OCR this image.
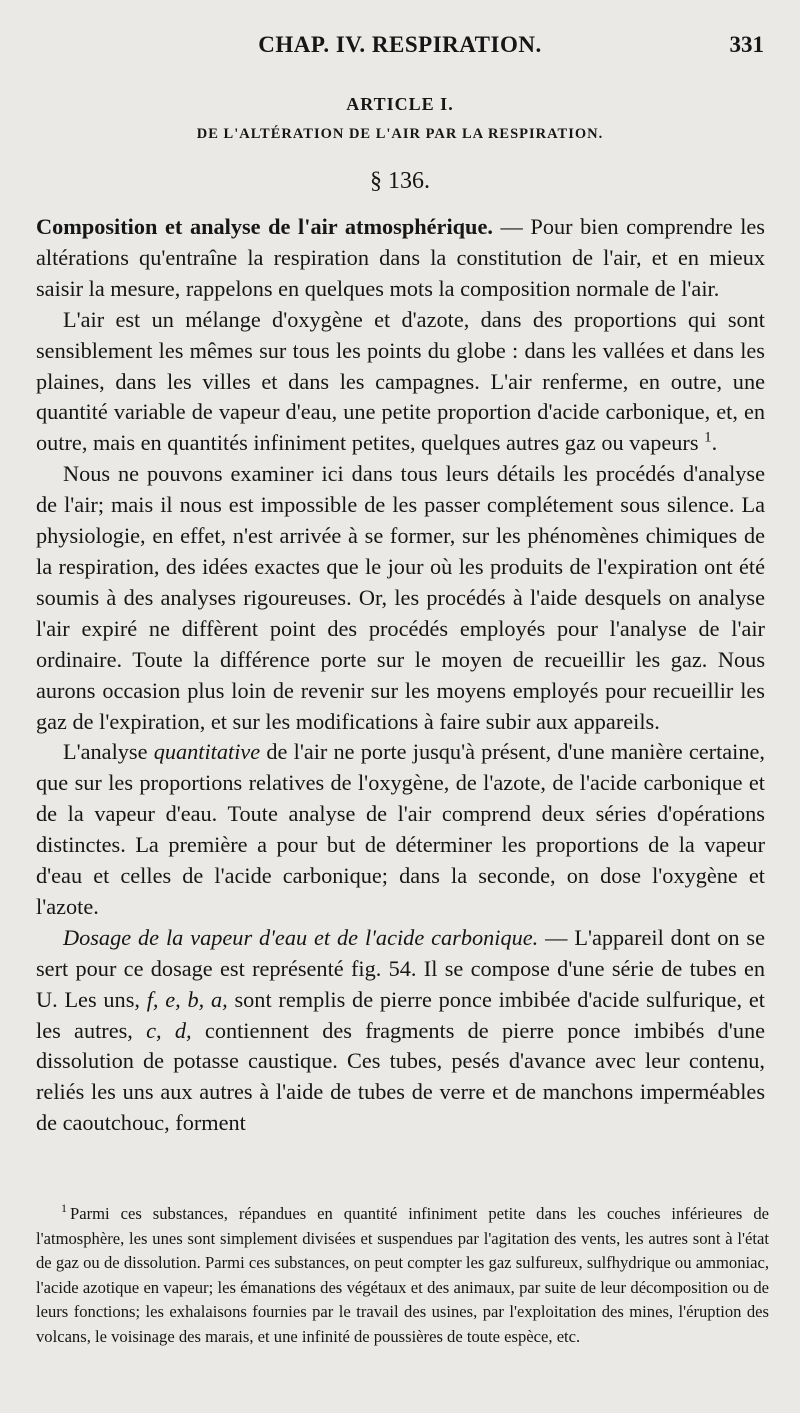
CHAP. IV. RESPIRATION.	331
ARTICLE I.
DE L'ALTÉRATION DE L'AIR PAR LA RESPIRATION.
§ 136.

Composition et analyse de l'air atmosphérique. — Pour bien comprendre les altérations qu'entraîne la respiration dans la constitution de l'air, et en mieux saisir la mesure, rappelons en quelques mots la composition normale de l'air.

L'air est un mélange d'oxygène et d'azote, dans des proportions qui sont sensiblement les mêmes sur tous les points du globe : dans les vallées et dans les plaines, dans les villes et dans les campagnes. L'air renferme, en outre, une quantité variable de vapeur d'eau, une petite proportion d'acide carbonique, et, en outre, mais en quantités infiniment petites, quelques autres gaz ou vapeurs $^1$.

Nous ne pouvons examiner ici dans tous leurs détails les procédés d'analyse de l'air; mais il nous est impossible de les passer complétement sous silence. La physiologie, en effet, n'est arrivée à se former, sur les phénomènes chimiques de la respiration, des idées exactes que le jour où les produits de l'expiration ont été soumis à des analyses rigoureuses. Or, les procédés à l'aide desquels on analyse l'air expiré ne diffèrent point des procédés employés pour l'analyse de l'air ordinaire. Toute la différence porte sur le moyen de recueillir les gaz. Nous aurons occasion plus loin de revenir sur les moyens employés pour recueillir les gaz de l'expiration, et sur les modifications à faire subir aux appareils.

L'analyse quantitative de l'air ne porte jusqu'à présent, d'une manière certaine, que sur les proportions relatives de l'oxygène, de l'azote, de l'acide carbonique et de la vapeur d'eau. Toute analyse de l'air comprend deux séries d'opérations distinctes. La première a pour but de déterminer les proportions de la vapeur d'eau et celles de l'acide carbonique; dans la seconde, on dose l'oxygène et l'azote.

Dosage de la vapeur d'eau et de l'acide carbonique. — L'appareil dont on se sert pour ce dosage est représenté fig. 54. Il se compose d'une série de tubes en U. Les uns, f, e, b, a, sont remplis de pierre ponce imbibée d'acide sulfurique, et les autres, c, d, contiennent des fragments de pierre ponce imbibés d'une dissolution de potasse caustique. Ces tubes, pesés d'avance avec leur contenu, reliés les uns aux autres à l'aide de tubes de verre et de manchons imperméables de caoutchouc, forment

$^1$ Parmi ces substances, répandues en quantité infiniment petite dans les couches inférieures de l'atmosphère, les unes sont simplement divisées et suspendues par l'agitation des vents, les autres sont à l'état de gaz ou de dissolution. Parmi ces substances, on peut compter les gaz sulfureux, sulfhydrique ou ammoniac, l'acide azotique en vapeur; les émanations des végétaux et des animaux, par suite de leur décomposition ou de leurs fonctions; les exhalaisons fournies par le travail des usines, par l'exploitation des mines, l'éruption des volcans, le voisinage des marais, et une infinité de poussières de toute espèce, etc.
